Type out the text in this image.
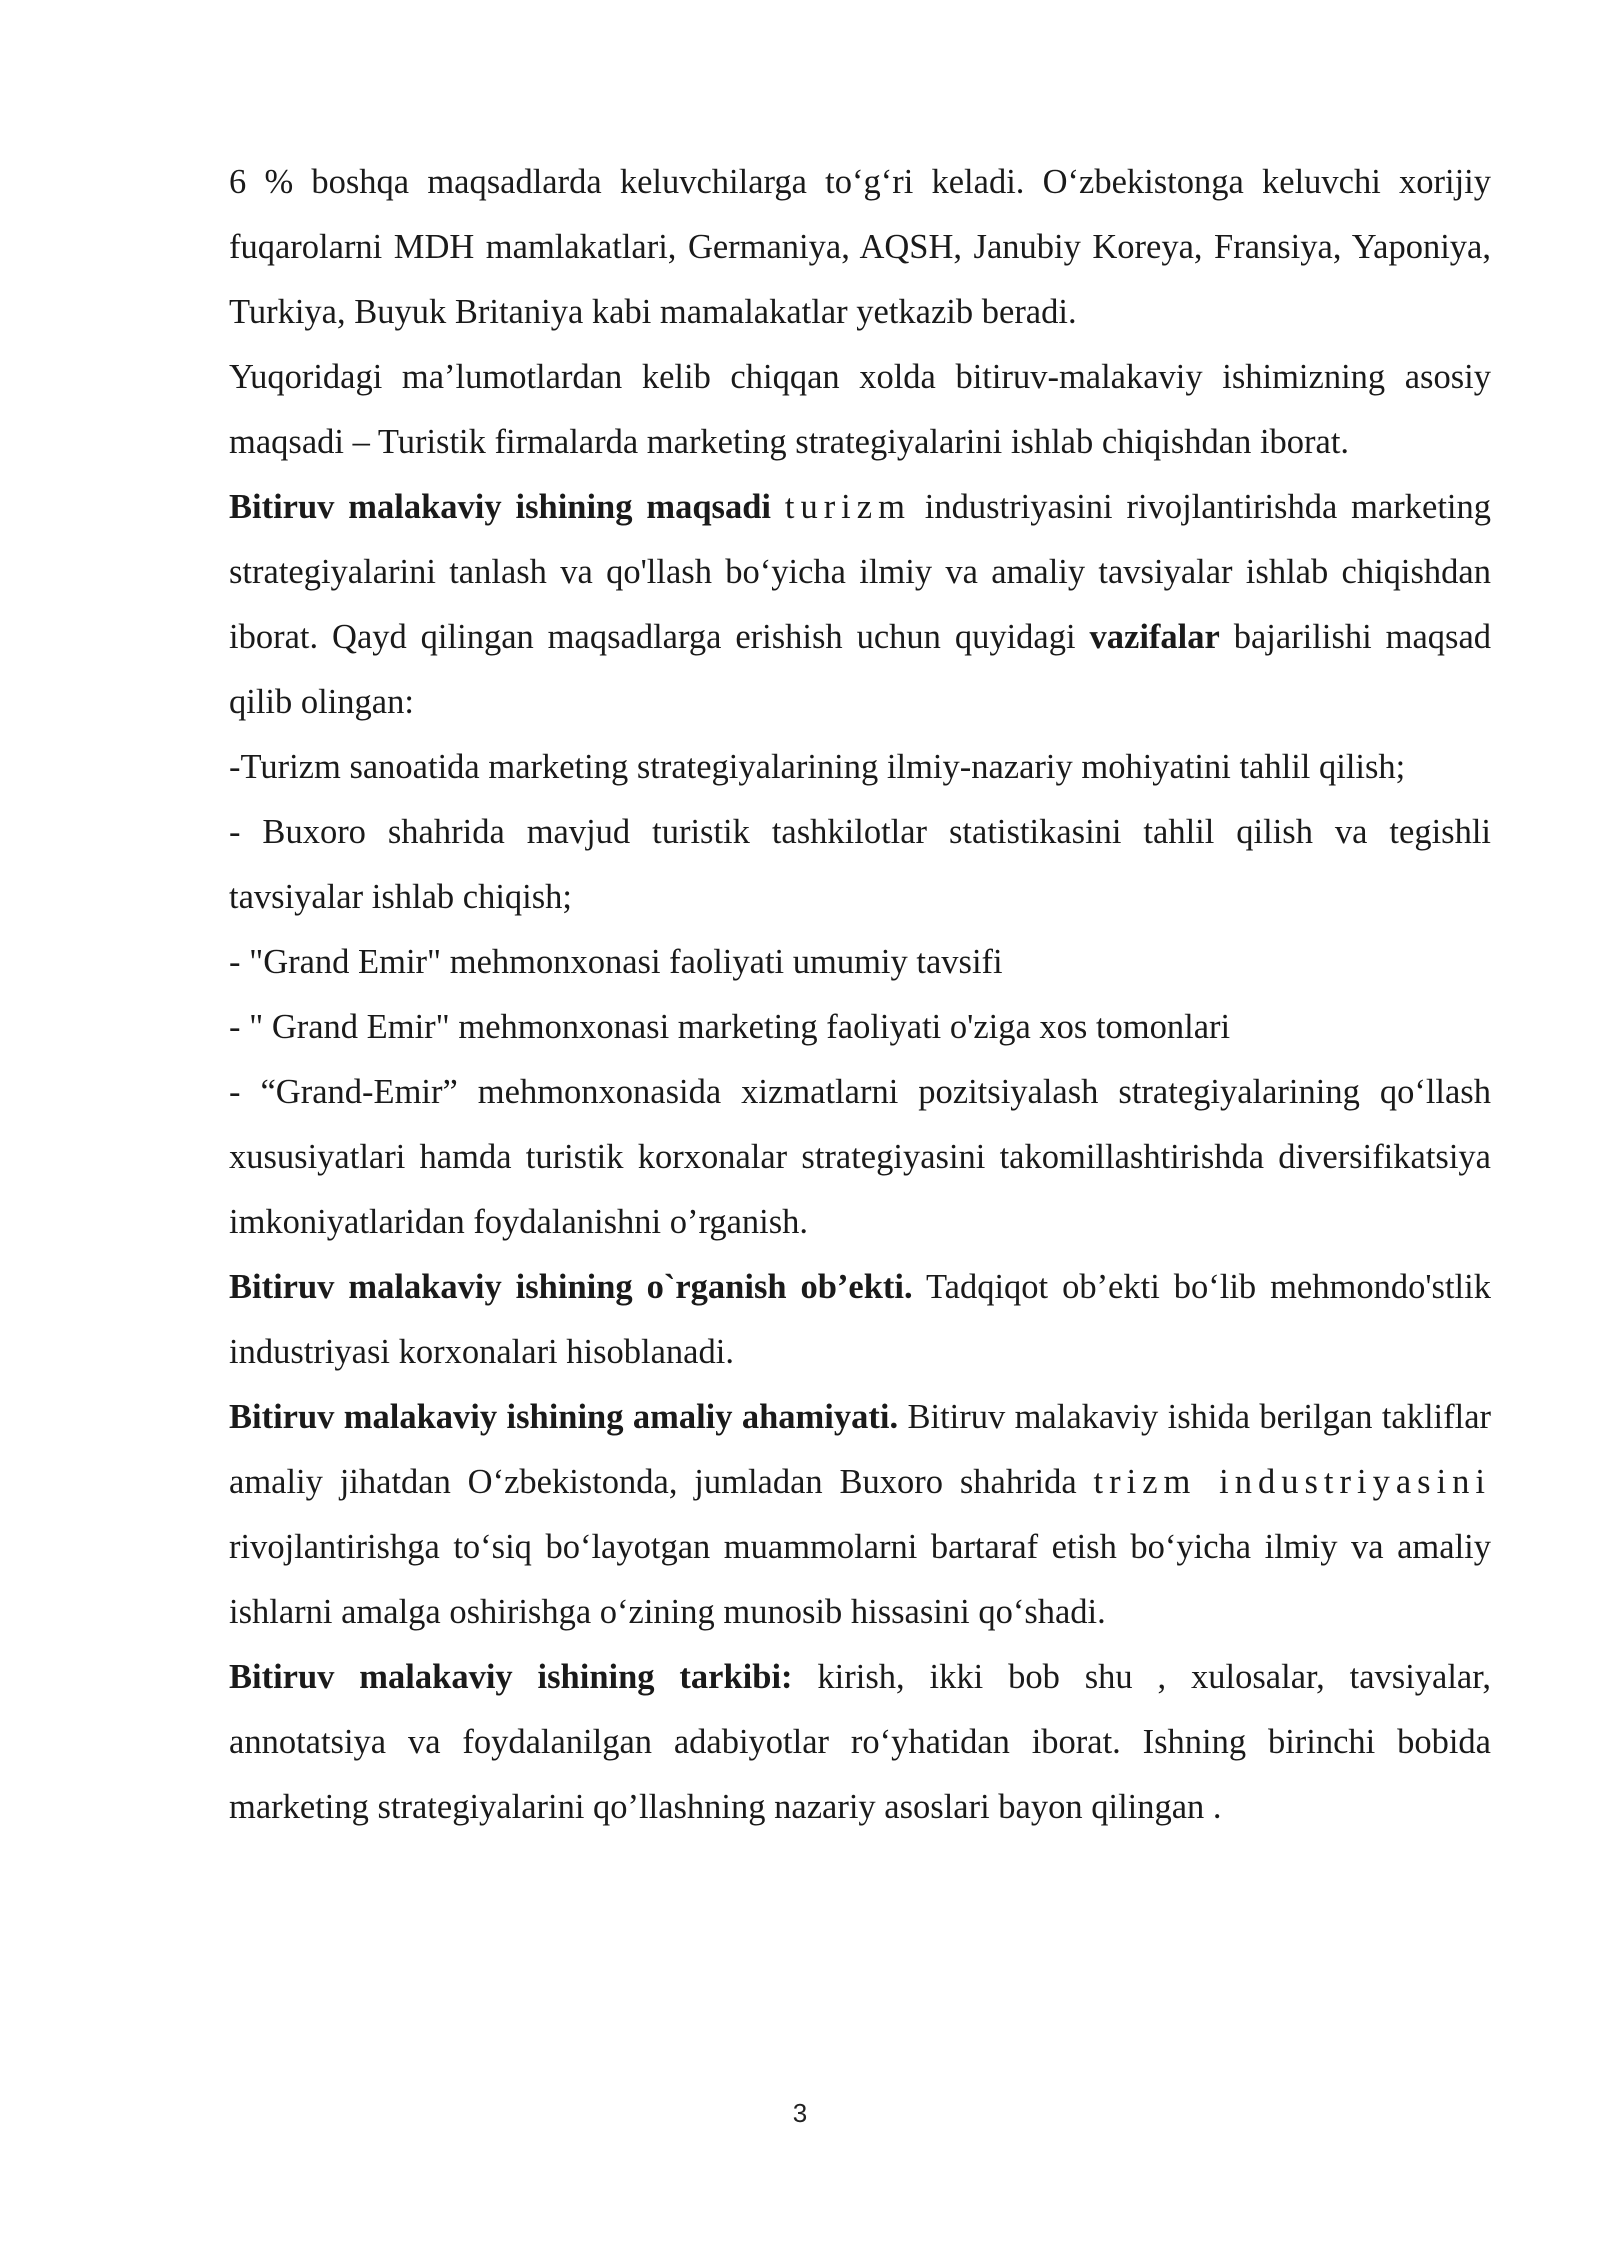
6 % boshqa maqsadlarda keluvchilarga to‘g‘ri keladi. O‘zbekistonga keluvchi xorijiy fuqarolarni MDH mamlakatlari, Germaniya, AQSH, Janubiy Koreya, Fransiya, Yaponiya, Turkiya, Buyuk Britaniya kabi mamalakatlar yetkazib beradi.

Yuqoridagi ma’lumotlardan kelib chiqqan xolda bitiruv-malakaviy ishimizning asosiy maqsadi – Turistik firmalarda marketing strategiyalarini ishlab chiqishdan iborat.

Bitiruv malakaviy ishining maqsadi turizm industriyasini rivojlantirishda marketing strategiyalarini tanlash va qo'llash bo‘yicha ilmiy va amaliy tavsiyalar ishlab chiqishdan iborat. Qayd qilingan maqsadlarga erishish uchun quyidagi vazifalar bajarilishi maqsad qilib olingan:

-Turizm sanoatida marketing strategiyalarining ilmiy-nazariy mohiyatini tahlil qilish;

- Buxoro shahrida mavjud turistik tashkilotlar statistikasini tahlil qilish va tegishli tavsiyalar ishlab chiqish;

- "Grand Emir" mehmonxonasi faoliyati umumiy tavsifi

- " Grand Emir" mehmonxonasi marketing faoliyati o'ziga xos tomonlari

- “Grand-Emir” mehmonxonasida xizmatlarni pozitsiyalash strategiyalarining qo‘llash xususiyatlari hamda turistik korxonalar strategiyasini takomillashtirishda diversifikatsiya imkoniyatlaridan foydalanishni o’rganish.

Bitiruv malakaviy ishining o`rganish ob’ekti. Tadqiqot ob’ekti bo‘lib mehmondo'stlik industriyasi korxonalari hisoblanadi.

Bitiruv malakaviy ishining amaliy ahamiyati. Bitiruv malakaviy ishida berilgan takliflar amaliy jihatdan O‘zbekistonda, jumladan Buxoro shahrida trizm industriyasini rivojlantirishga to‘siq bo‘layotgan muammolarni bartaraf etish bo‘yicha ilmiy va amaliy ishlarni amalga oshirishga o‘zining munosib hissasini qo‘shadi.

Bitiruv malakaviy ishining tarkibi: kirish, ikki bob shu , xulosalar, tavsiyalar, annotatsiya va foydalanilgan adabiyotlar ro‘yhatidan iborat. Ishning birinchi bobida marketing strategiyalarini qo’llashning nazariy asoslari bayon qilingan .

3
